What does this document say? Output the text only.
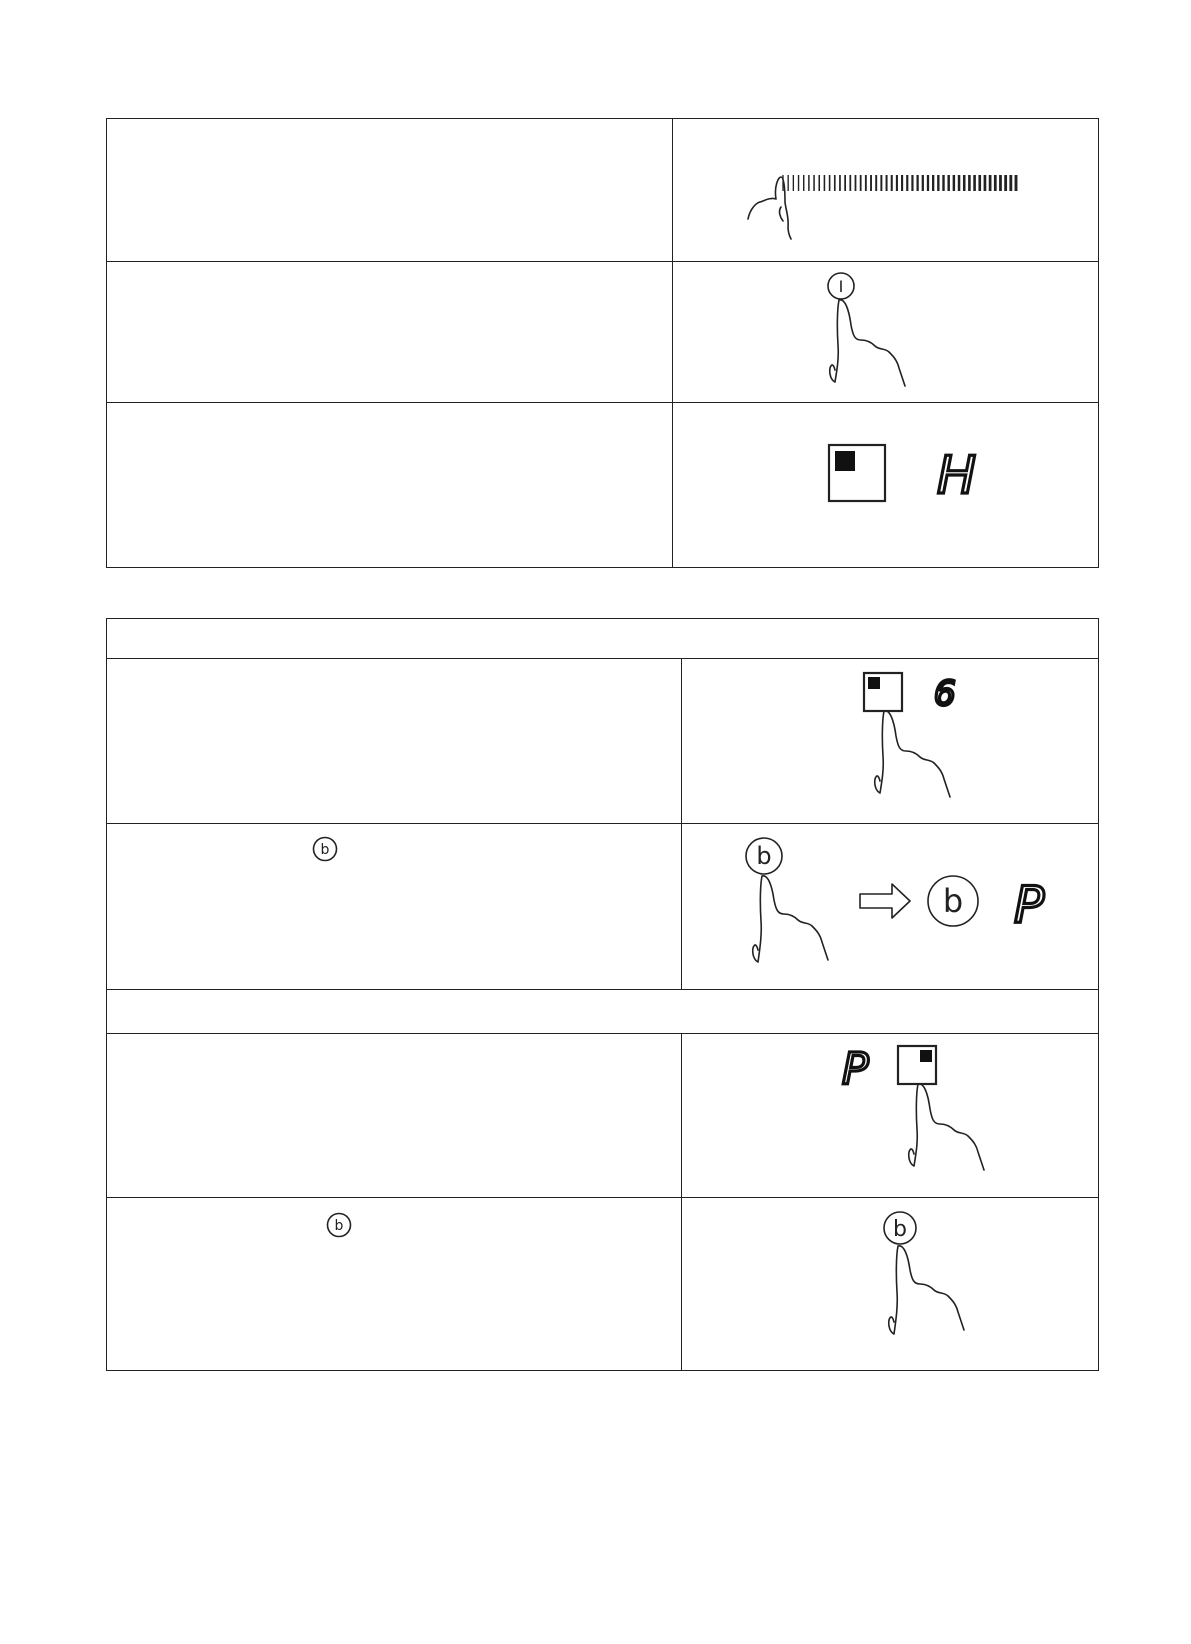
I
H
6
b	b
b P
P
b	b
